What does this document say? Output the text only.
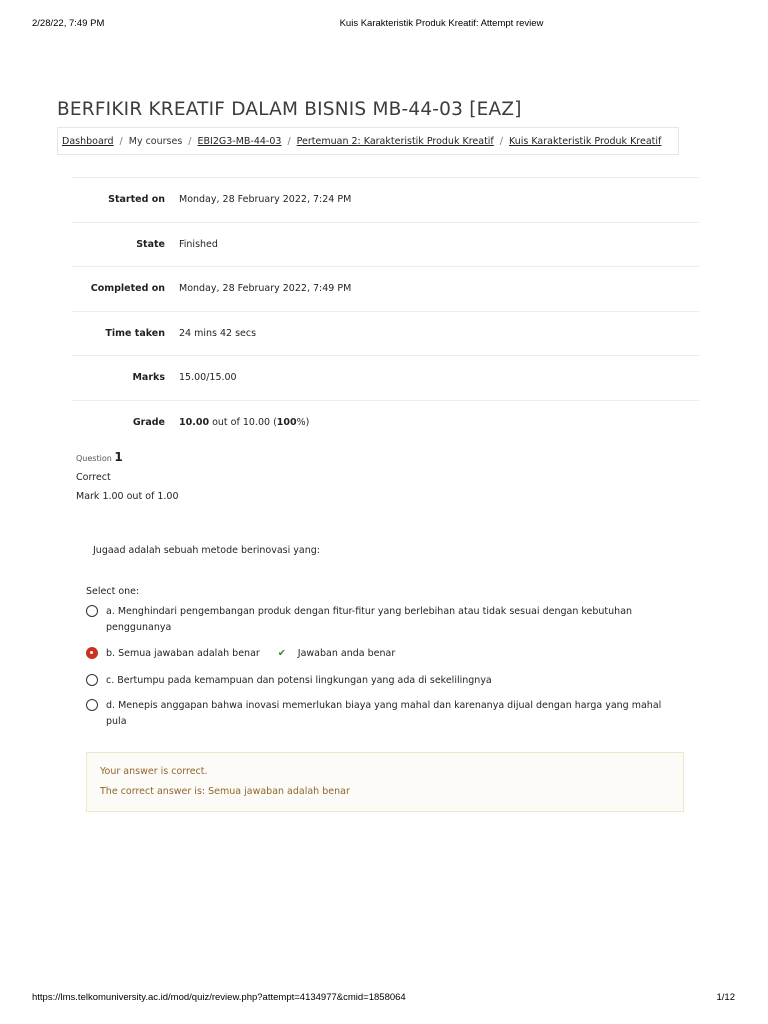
2/28/22, 7:49 PM	Kuis Karakteristik Produk Kreatif: Attempt review
BERFIKIR KREATIF DALAM BISNIS MB-44-03 [EAZ]
Dashboard / My courses / EBI2G3-MB-44-03 / Pertemuan 2: Karakteristik Produk Kreatif / Kuis Karakteristik Produk Kreatif
Started on	Monday, 28 February 2022, 7:24 PM
State	Finished
Completed on	Monday, 28 February 2022, 7:49 PM
Time taken	24 mins 42 secs
Marks	15.00/15.00
Grade	10.00 out of 10.00 (100%)
Question 1
Correct
Mark 1.00 out of 1.00
Jugaad adalah sebuah metode berinovasi yang:
Select one:
a. Menghindari pengembangan produk dengan fitur-fitur yang berlebihan atau tidak sesuai dengan kebutuhan penggunanya
b. Semua jawaban adalah benar ✔ Jawaban anda benar
c. Bertumpu pada kemampuan dan potensi lingkungan yang ada di sekelilingnya
d. Menepis anggapan bahwa inovasi memerlukan biaya yang mahal dan karenanya dijual dengan harga yang mahal pula
Your answer is correct.
The correct answer is: Semua jawaban adalah benar
https://lms.telkomuniversity.ac.id/mod/quiz/review.php?attempt=4134977&cmid=1858064	1/12
